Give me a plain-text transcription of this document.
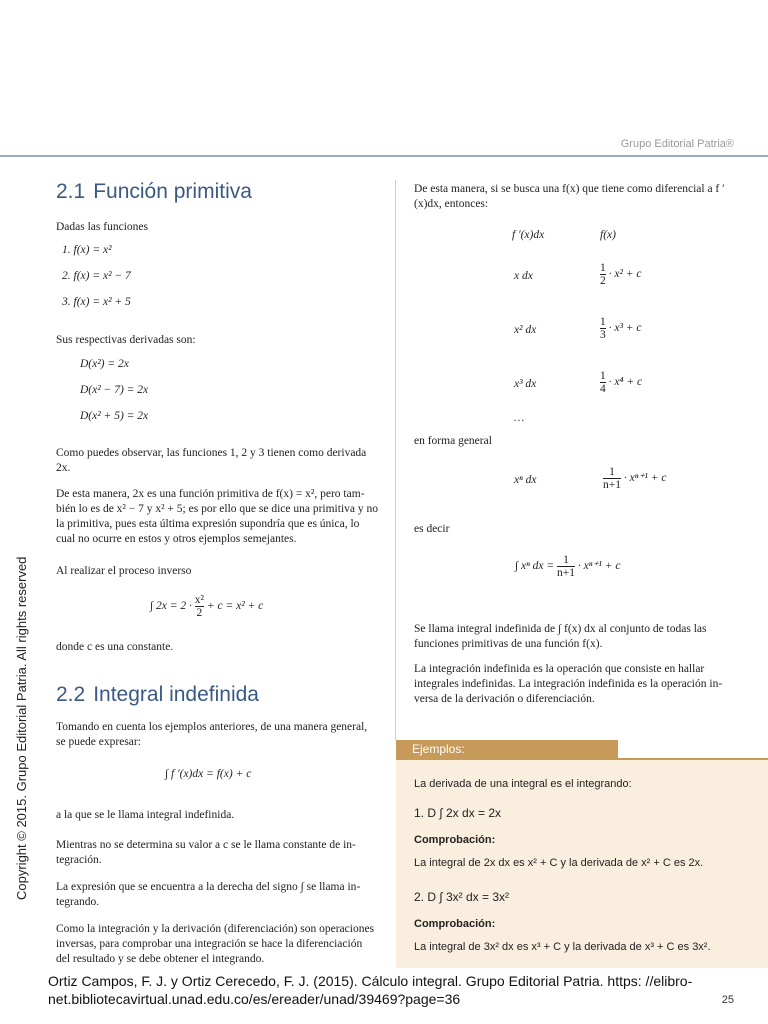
Grupo Editorial Patria®
2.1 Función primitiva
Dadas las funciones
1. f(x) = x²
2. f(x) = x² − 7
3. f(x) = x² + 5
Sus respectivas derivadas son:
D(x²) = 2x
D(x² − 7) = 2x
D(x² + 5) = 2x
Como puedes observar, las funciones 1, 2 y 3 tienen como derivada 2x.
De esta manera, 2x es una función primitiva de f(x) = x², pero también lo es de x² − 7 y x² + 5; es por ello que se dice una primitiva y no la primitiva, pues esta última expresión supondría que es única, lo cual no ocurre en estos y otros ejemplos semejantes.
Al realizar el proceso inverso
∫ $2x = 2 \cdot \frac{\text{x²}}{2} + c = x^2 + c$
donde c es una constante.
2.2 Integral indefinida
Tomando en cuenta los ejemplos anteriores, de una manera general, se puede expresar:
∫ f ′(x)dx = f(x) + c
a la que se le llama integral indefinida.
Mientras no se determina su valor a c se le llama constante de integración.
La expresión que se encuentra a la derecha del signo ∫ se llama integrando.
Como la integración y la derivación (diferenciación) son operaciones inversas, para comprobar una integración se hace la diferenciación del resultado y se debe obtener el integrando.
De esta manera, si se busca una f(x) que tiene como diferencial a f ′(x)dx, entonces:
f ′(x)dx	f(x)
x dx	$\frac{1}{2} \cdot x^2 + c$
x² dx	$\frac{1}{3} \cdot x^3 + c$
x³ dx	$\frac{1}{4} \cdot x^4 + c$
…
en forma general
xⁿ dx	$\frac{1}{n+1} \cdot x^{n+1} + c$
es decir
∫ xⁿ dx = $\frac{1}{n+1} \cdot x^{n+1} + c$
Se llama integral indefinida de ∫ f(x) dx al conjunto de todas las funciones primitivas de una función f(x).
La integración indefinida es la operación que consiste en hallar integrales indefinidas. La integración indefinida es la operación inversa de la derivación o diferenciación.
Ejemplos:
La derivada de una integral es el integrando:
1. D ∫ 2x dx = 2x
Comprobación:
La integral de 2x dx es x² + C y la derivada de x² + C es 2x.
2. D ∫ 3x² dx = 3x²
Comprobación:
La integral de 3x² dx es x³ + C y la derivada de x³ + C es 3x².
Copyright © 2015. Grupo Editorial Patria. All rights reserved
Ortiz Campos, F. J. y Ortiz Cerecedo, F. J. (2015). Cálculo integral. Grupo Editorial Patria. https: //elibro-net.bibliotecavirtual.unad.edu.co/es/ereader/unad/39469?page=36	25
